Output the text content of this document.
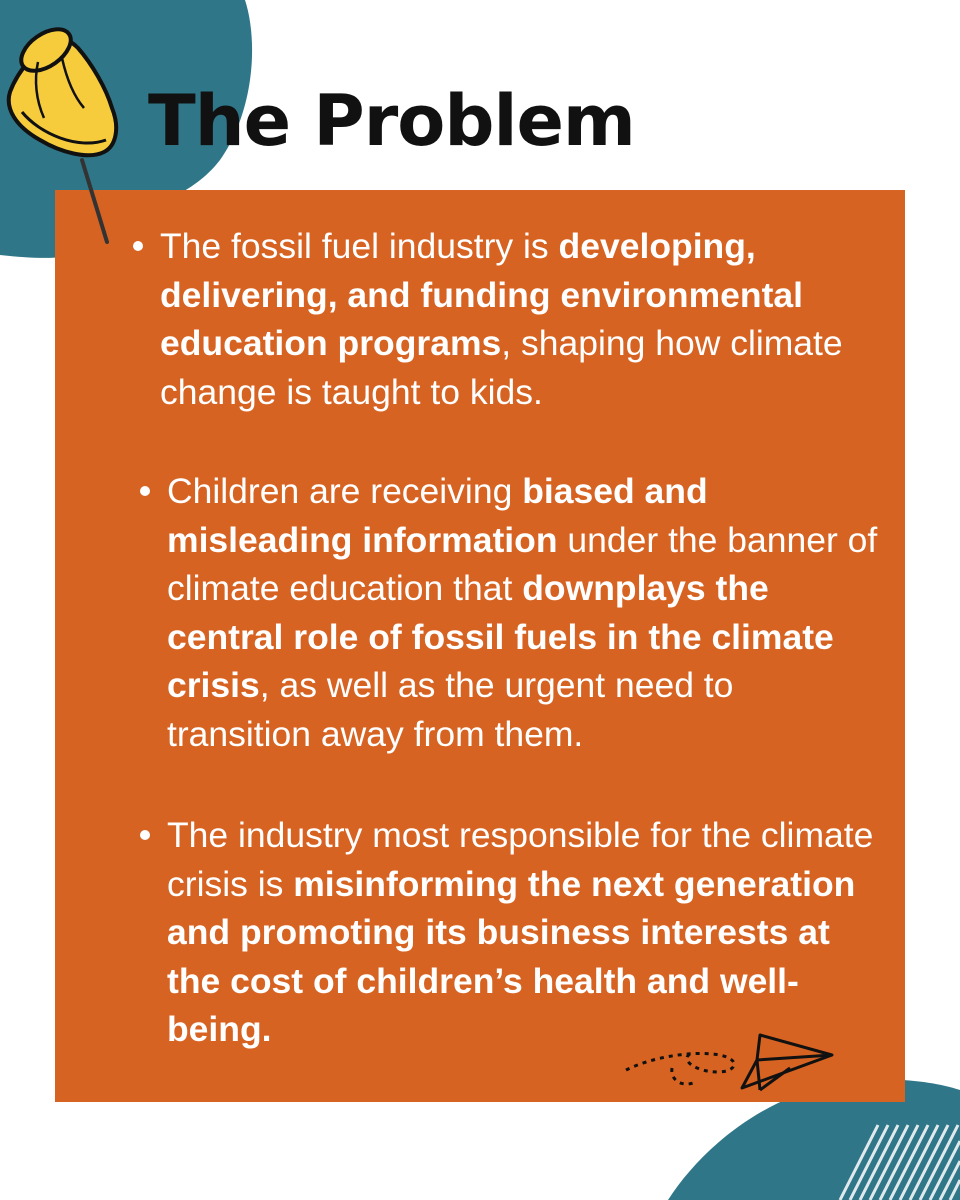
The Problem
The fossil fuel industry is developing, delivering, and funding environmental education programs, shaping how climate change is taught to kids.
Children are receiving biased and misleading information under the banner of climate education that downplays the central role of fossil fuels in the climate crisis, as well as the urgent need to transition away from them.
The industry most responsible for the climate crisis is misinforming the next generation and promoting its business interests at the cost of children’s health and well-being.
